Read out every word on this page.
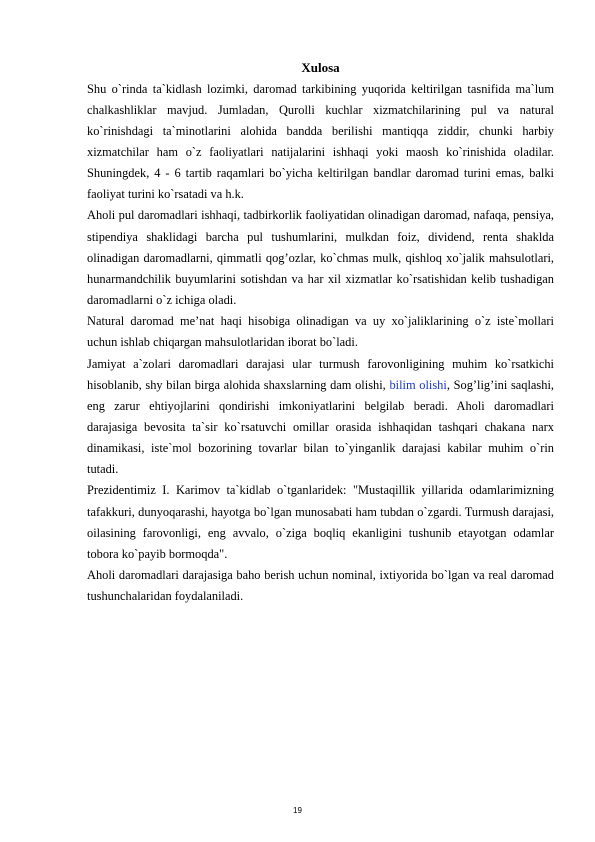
Xulosa

Shu o`rinda ta`kidlash lozimki, daromad tarkibining yuqorida keltirilgan tasnifida ma`lum chalkashliklar mavjud. Jumladan, Qurolli kuchlar xizmatchilarining pul va natural ko`rinishdagi ta`minotlarini alohida bandda berilishi mantiqqa ziddir, chunki harbiy xizmatchilar ham o`z faoliyatlari natijalarini ishhaqi yoki maosh ko`rinishida oladilar. Shuningdek, 4 - 6 tartib raqamlari bo`yicha keltirilgan bandlar daromad turini emas, balki faoliyat turini ko`rsatadi va h.k.

Aholi pul daromadlari ishhaqi, tadbirkorlik faoliyatidan olinadigan daromad, nafaqa, pensiya, stipendiya shaklidagi barcha pul tushumlarini, mulkdan foiz, dividend, renta shaklda olinadigan daromadlarni, qimmatli qog’ozlar, ko`chmas mulk, qishloq xo`jalik mahsulotlari, hunarmandchilik buyumlarini sotishdan va har xil xizmatlar ko`rsatishidan kelib tushadigan daromadlarni o`z ichiga oladi.

Natural daromad me’nat haqi hisobiga olinadigan va uy xo`jaliklarining o`z iste`mollari uchun ishlab chiqargan mahsulotlaridan iborat bo`ladi.

Jamiyat a`zolari daromadlari darajasi ular turmush farovonligining muhim ko`rsatkichi hisoblanib, shy bilan birga alohida shaxslarning dam olishi, bilim olishi, Sog’lig’ini saqlashi, eng zarur ehtiyojlarini qondirishi imkoniyatlarini belgilab beradi. Aholi daromadlari darajasiga bevosita ta`sir ko`rsatuvchi omillar orasida ishhaqidan tashqari chakana narx dinamikasi, iste`mol bozorining tovarlar bilan to`yinganlik darajasi kabilar muhim o`rin tutadi.

Prezidentimiz I. Karimov ta`kidlab o`tganlaridek: "Mustaqillik yillarida odamlarimizning tafakkuri, dunyoqarashi, hayotga bo`lgan munosabati ham tubdan o`zgardi. Turmush darajasi, oilasining farovonligi, eng avvalo, o`ziga boqliq ekanligini tushunib etayotgan odamlar tobora ko`payib bormoqda".

Aholi daromadlari darajasiga baho berish uchun nominal, ixtiyorida bo`lgan va real daromad tushunchalaridan foydalaniladi.

19
